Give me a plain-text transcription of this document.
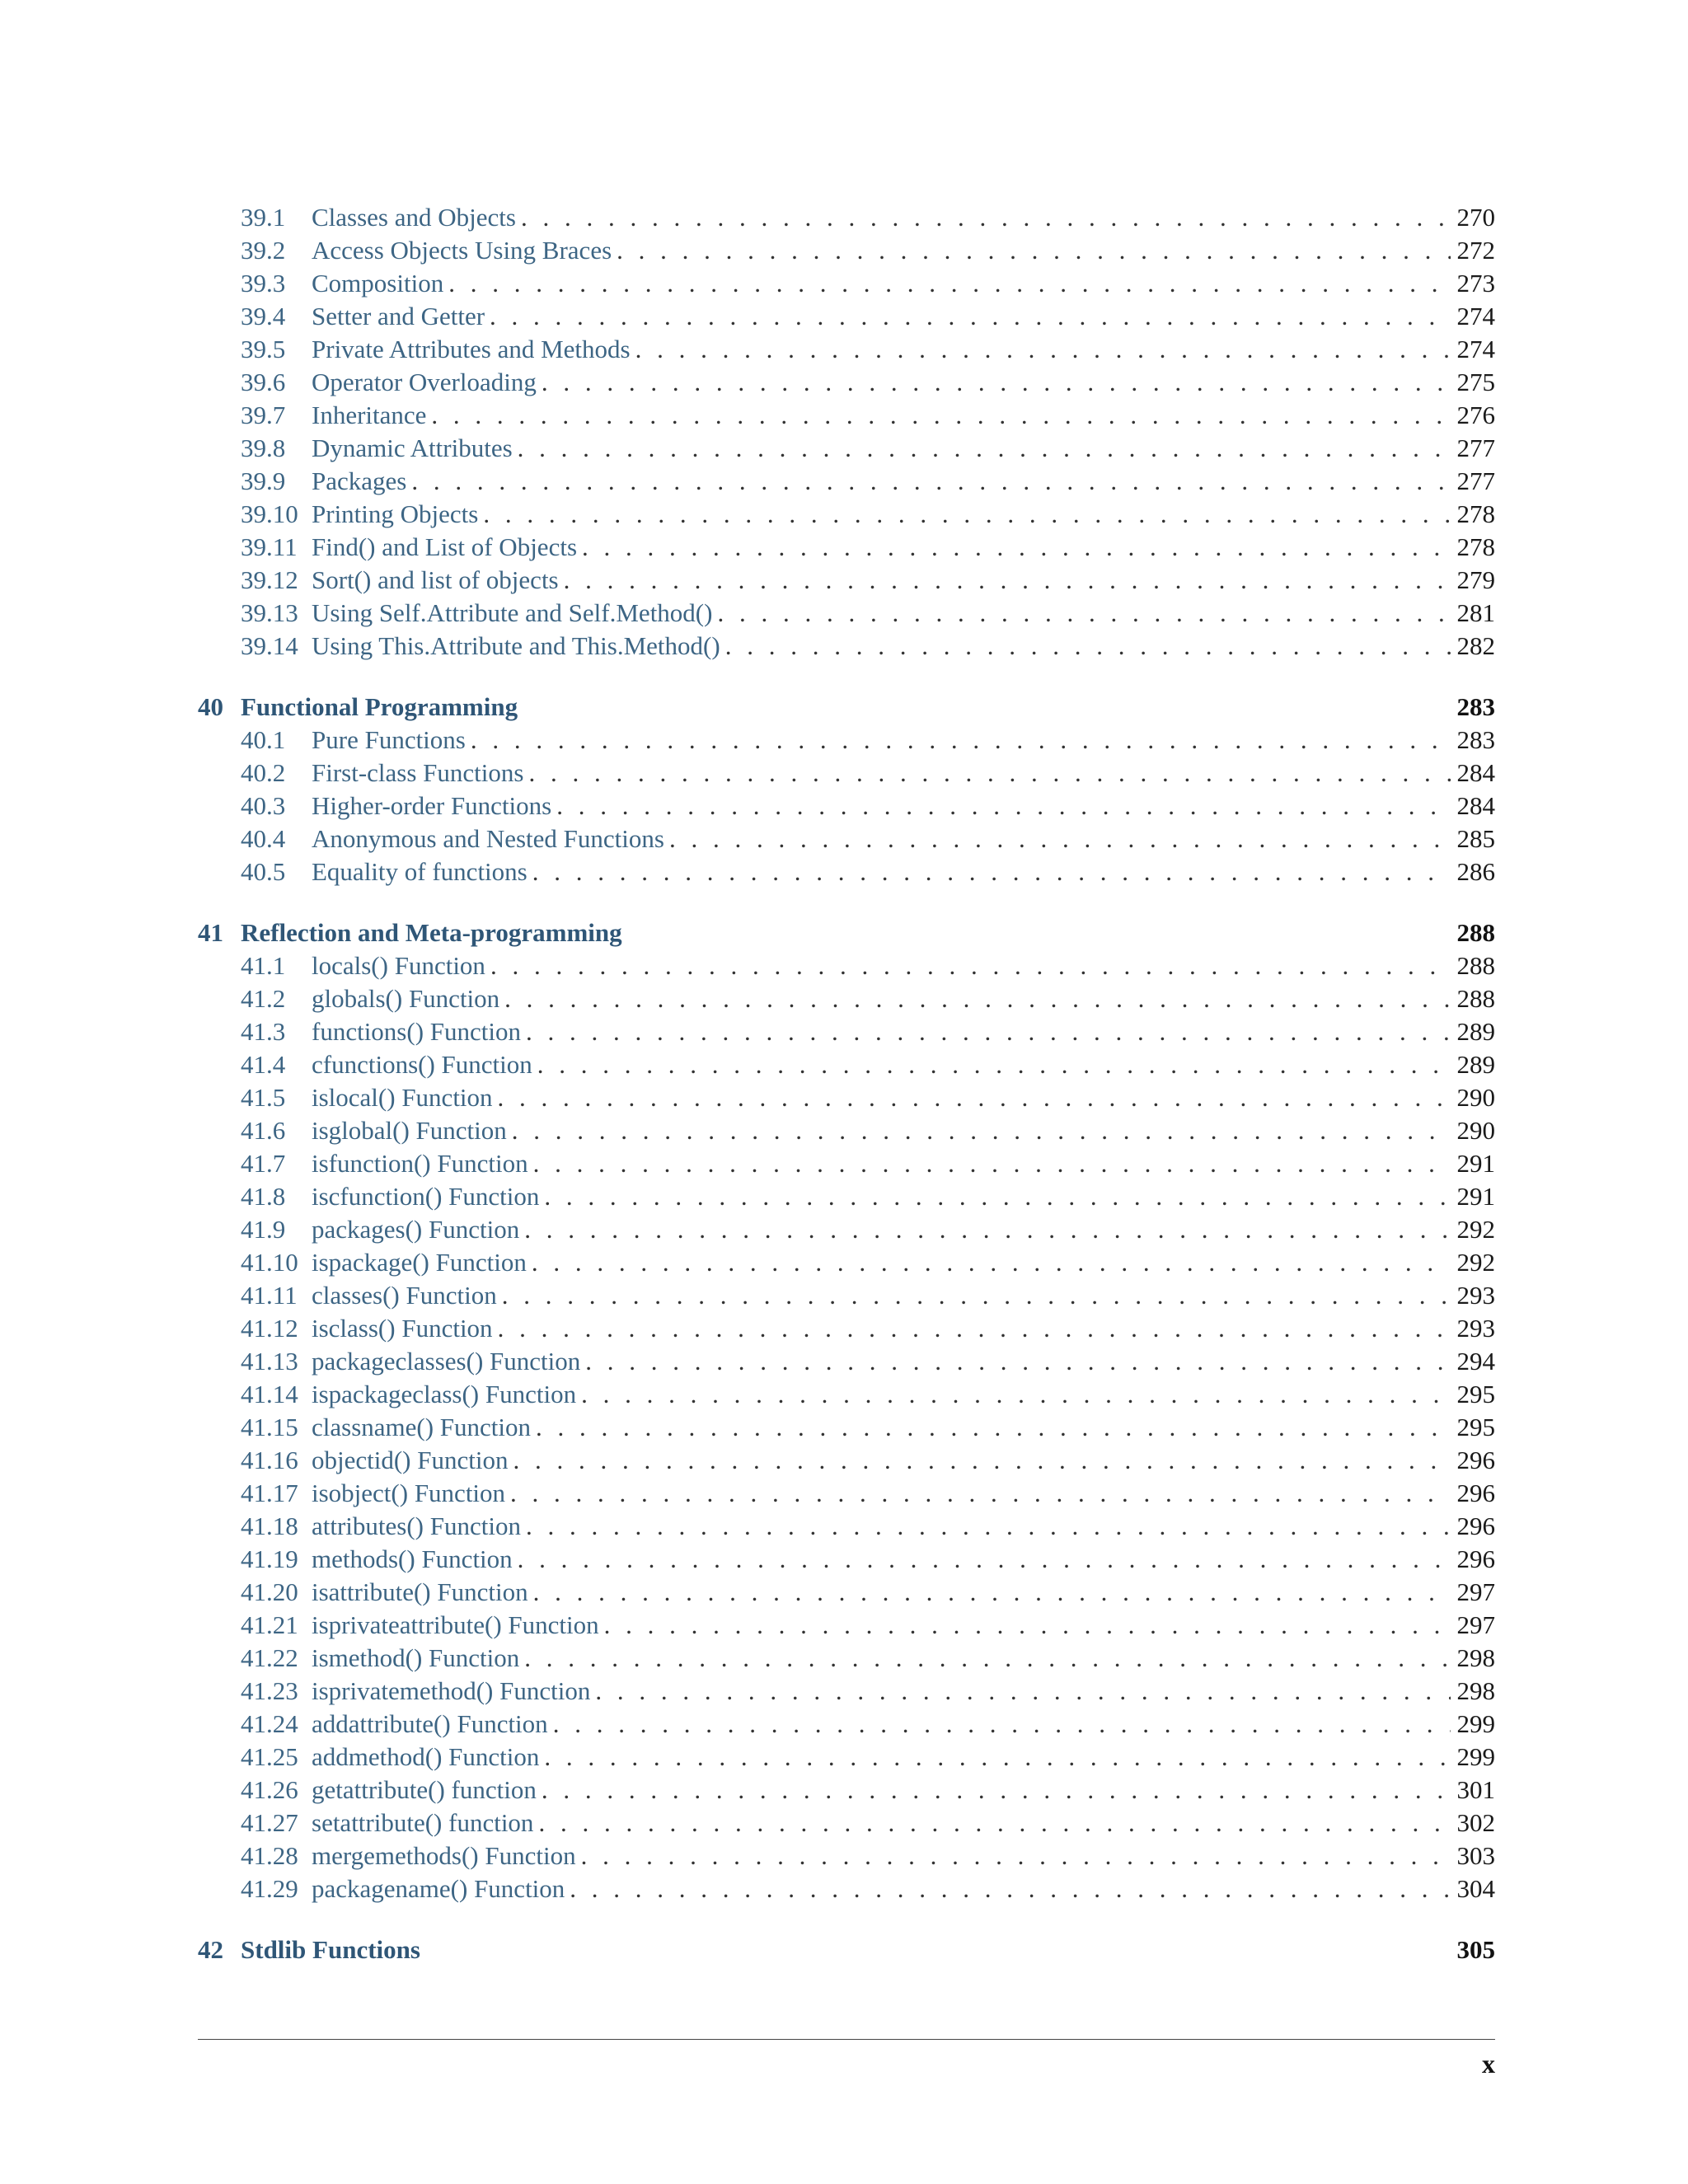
39.1	Classes and Objects . . .	270
39.2	Access Objects Using Braces . . .	272
39.3	Composition . . .	273
39.4	Setter and Getter . . .	274
39.5	Private Attributes and Methods . . .	274
39.6	Operator Overloading . . .	275
39.7	Inheritance . . .	276
39.8	Dynamic Attributes . . .	277
39.9	Packages . . .	277
39.10 Printing Objects . . .	278
39.11 Find() and List of Objects . . .	278
39.12 Sort() and list of objects . . .	279
39.13 Using Self.Attribute and Self.Method() . . .	281
39.14 Using This.Attribute and This.Method() . . .	282
40 Functional Programming	283
40.1	Pure Functions . . .	283
40.2	First-class Functions . . .	284
40.3	Higher-order Functions . . .	284
40.4	Anonymous and Nested Functions . . .	285
40.5	Equality of functions . . .	286
41 Reflection and Meta-programming	288
41.1	locals() Function . . .	288
41.2	globals() Function . . .	288
41.3	functions() Function . . .	289
41.4	cfunctions() Function . . .	289
41.5	islocal() Function . . .	290
41.6	isglobal() Function . . .	290
41.7	isfunction() Function . . .	291
41.8	iscfunction() Function . . .	291
41.9	packages() Function . . .	292
41.10 ispackage() Function . . .	292
41.11 classes() Function . . .	293
41.12 isclass() Function . . .	293
41.13 packageclasses() Function . . .	294
41.14 ispackageclass() Function . . .	295
41.15 classname() Function . . .	295
41.16 objectid() Function . . .	296
41.17 isobject() Function . . .	296
41.18 attributes() Function . . .	296
41.19 methods() Function . . .	296
41.20 isattribute() Function . . .	297
41.21 isprivateattribute() Function . . .	297
41.22 ismethod() Function . . .	298
41.23 isprivatemethod() Function . . .	298
41.24 addattribute() Function . . .	299
41.25 addmethod() Function . . .	299
41.26 getattribute() function . . .	301
41.27 setattribute() function . . .	302
41.28 mergemethods() Function . . .	303
41.29 packagename() Function . . .	304
42 Stdlib Functions	305
x
